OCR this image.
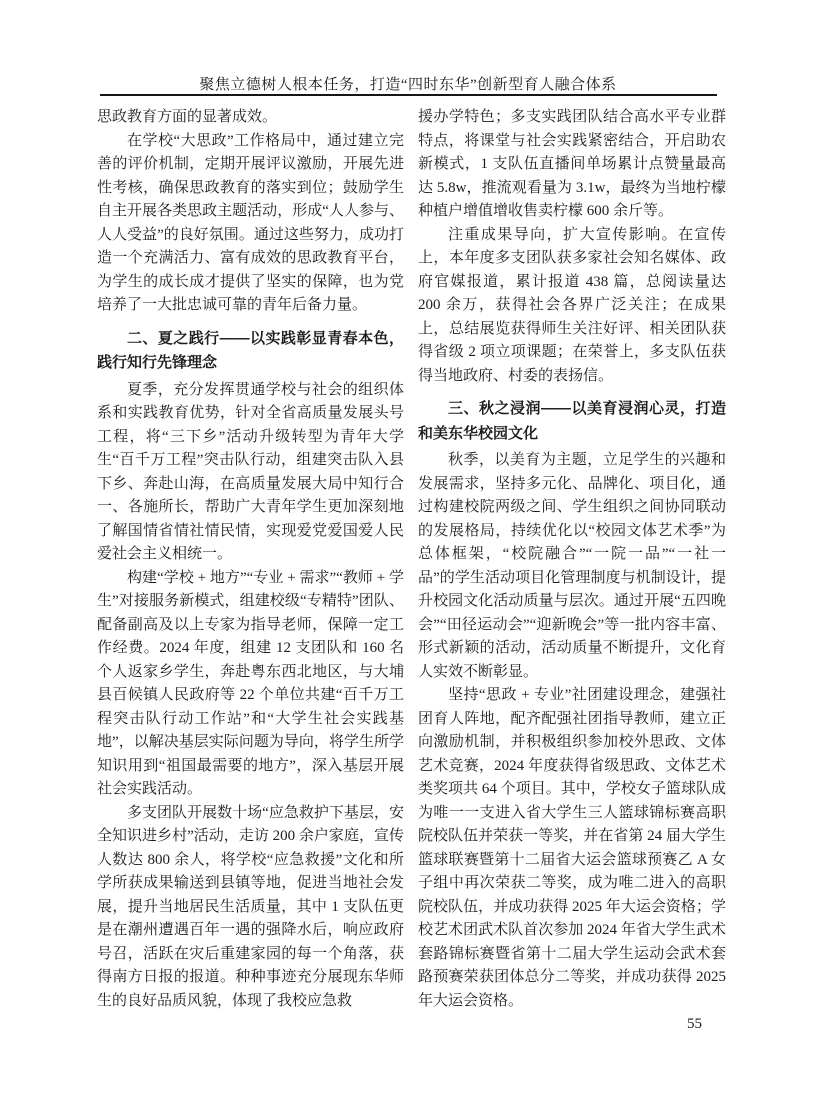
聚焦立德树人根本任务，打造“四时东华”创新型育人融合体系

思政教育方面的显著成效。

在学校“大思政”工作格局中，通过建立完善的评价机制，定期开展评议激励，开展先进性考核，确保思政教育的落实到位；鼓励学生自主开展各类思政主题活动，形成“人人参与、人人受益”的良好氛围。通过这些努力，成功打造一个充满活力、富有成效的思政教育平台，为学生的成长成才提供了坚实的保障，也为党培养了一大批忠诚可靠的青年后备力量。

二、夏之践行——以实践彰显青春本色，践行知行先锋理念

夏季，充分发挥贯通学校与社会的组织体系和实践教育优势，针对全省高质量发展头号工程，将“三下乡”活动升级转型为青年大学生“百千万工程”突击队行动，组建突击队入县下乡、奔赴山海，在高质量发展大局中知行合一、各施所长，帮助广大青年学生更加深刻地了解国情省情社情民情，实现爱党爱国爱人民爱社会主义相统一。

构建“学校 + 地方”“专业 + 需求”“教师 + 学生”对接服务新模式，组建校级“专精特”团队、配备副高及以上专家为指导老师，保障一定工作经费。2024 年度，组建 12 支团队和 160 名个人返家乡学生，奔赴粤东西北地区，与大埔县百候镇人民政府等 22 个单位共建“百千万工程突击队行动工作站”和“大学生社会实践基地”，以解决基层实际问题为导向，将学生所学知识用到“祖国最需要的地方”，深入基层开展社会实践活动。

多支团队开展数十场“应急救护下基层，安全知识进乡村”活动，走访 200 余户家庭，宣传人数达 800 余人，将学校“应急救援”文化和所学所获成果输送到县镇等地，促进当地社会发展，提升当地居民生活质量，其中 1 支队伍更是在潮州遭遇百年一遇的强降水后，响应政府号召，活跃在灾后重建家园的每一个角落，获得南方日报的报道。种种事迹充分展现东华师生的良好品质风貌，体现了我校应急救

援办学特色；多支实践团队结合高水平专业群特点，将课堂与社会实践紧密结合，开启助农新模式，1 支队伍直播间单场累计点赞量最高达 5.8w，推流观看量为 3.1w，最终为当地柠檬种植户增值增收售卖柠檬 600 余斤等。

注重成果导向，扩大宣传影响。在宣传上，本年度多支团队获多家社会知名媒体、政府官媒报道，累计报道 438 篇，总阅读量达 200 余万，获得社会各界广泛关注；在成果上，总结展览获得师生关注好评、相关团队获得省级 2 项立项课题；在荣誉上，多支队伍获得当地政府、村委的表扬信。

三、秋之浸润——以美育浸润心灵，打造和美东华校园文化

秋季，以美育为主题，立足学生的兴趣和发展需求，坚持多元化、品牌化、项目化，通过构建校院两级之间、学生组织之间协同联动的发展格局，持续优化以“校园文体艺术季”为总体框架，“校院融合”“一院一品”“一社一品”的学生活动项目化管理制度与机制设计，提升校园文化活动质量与层次。通过开展“五四晚会”“田径运动会”“迎新晚会”等一批内容丰富、形式新颖的活动，活动质量不断提升，文化育人实效不断彰显。

坚持“思政 + 专业”社团建设理念，建强社团育人阵地，配齐配强社团指导教师，建立正向激励机制，并积极组织参加校外思政、文体艺术竞赛，2024 年度获得省级思政、文体艺术类奖项共 64 个项目。其中，学校女子篮球队成为唯一一支进入省大学生三人篮球锦标赛高职院校队伍并荣获一等奖，并在省第 24 届大学生篮球联赛暨第十二届省大运会篮球预赛乙 A 女子组中再次荣获二等奖，成为唯二进入的高职院校队伍，并成功获得 2025 年大运会资格；学校艺术团武术队首次参加 2024 年省大学生武术套路锦标赛暨省第十二届大学生运动会武术套路预赛荣获团体总分二等奖，并成功获得 2025 年大运会资格。

55
